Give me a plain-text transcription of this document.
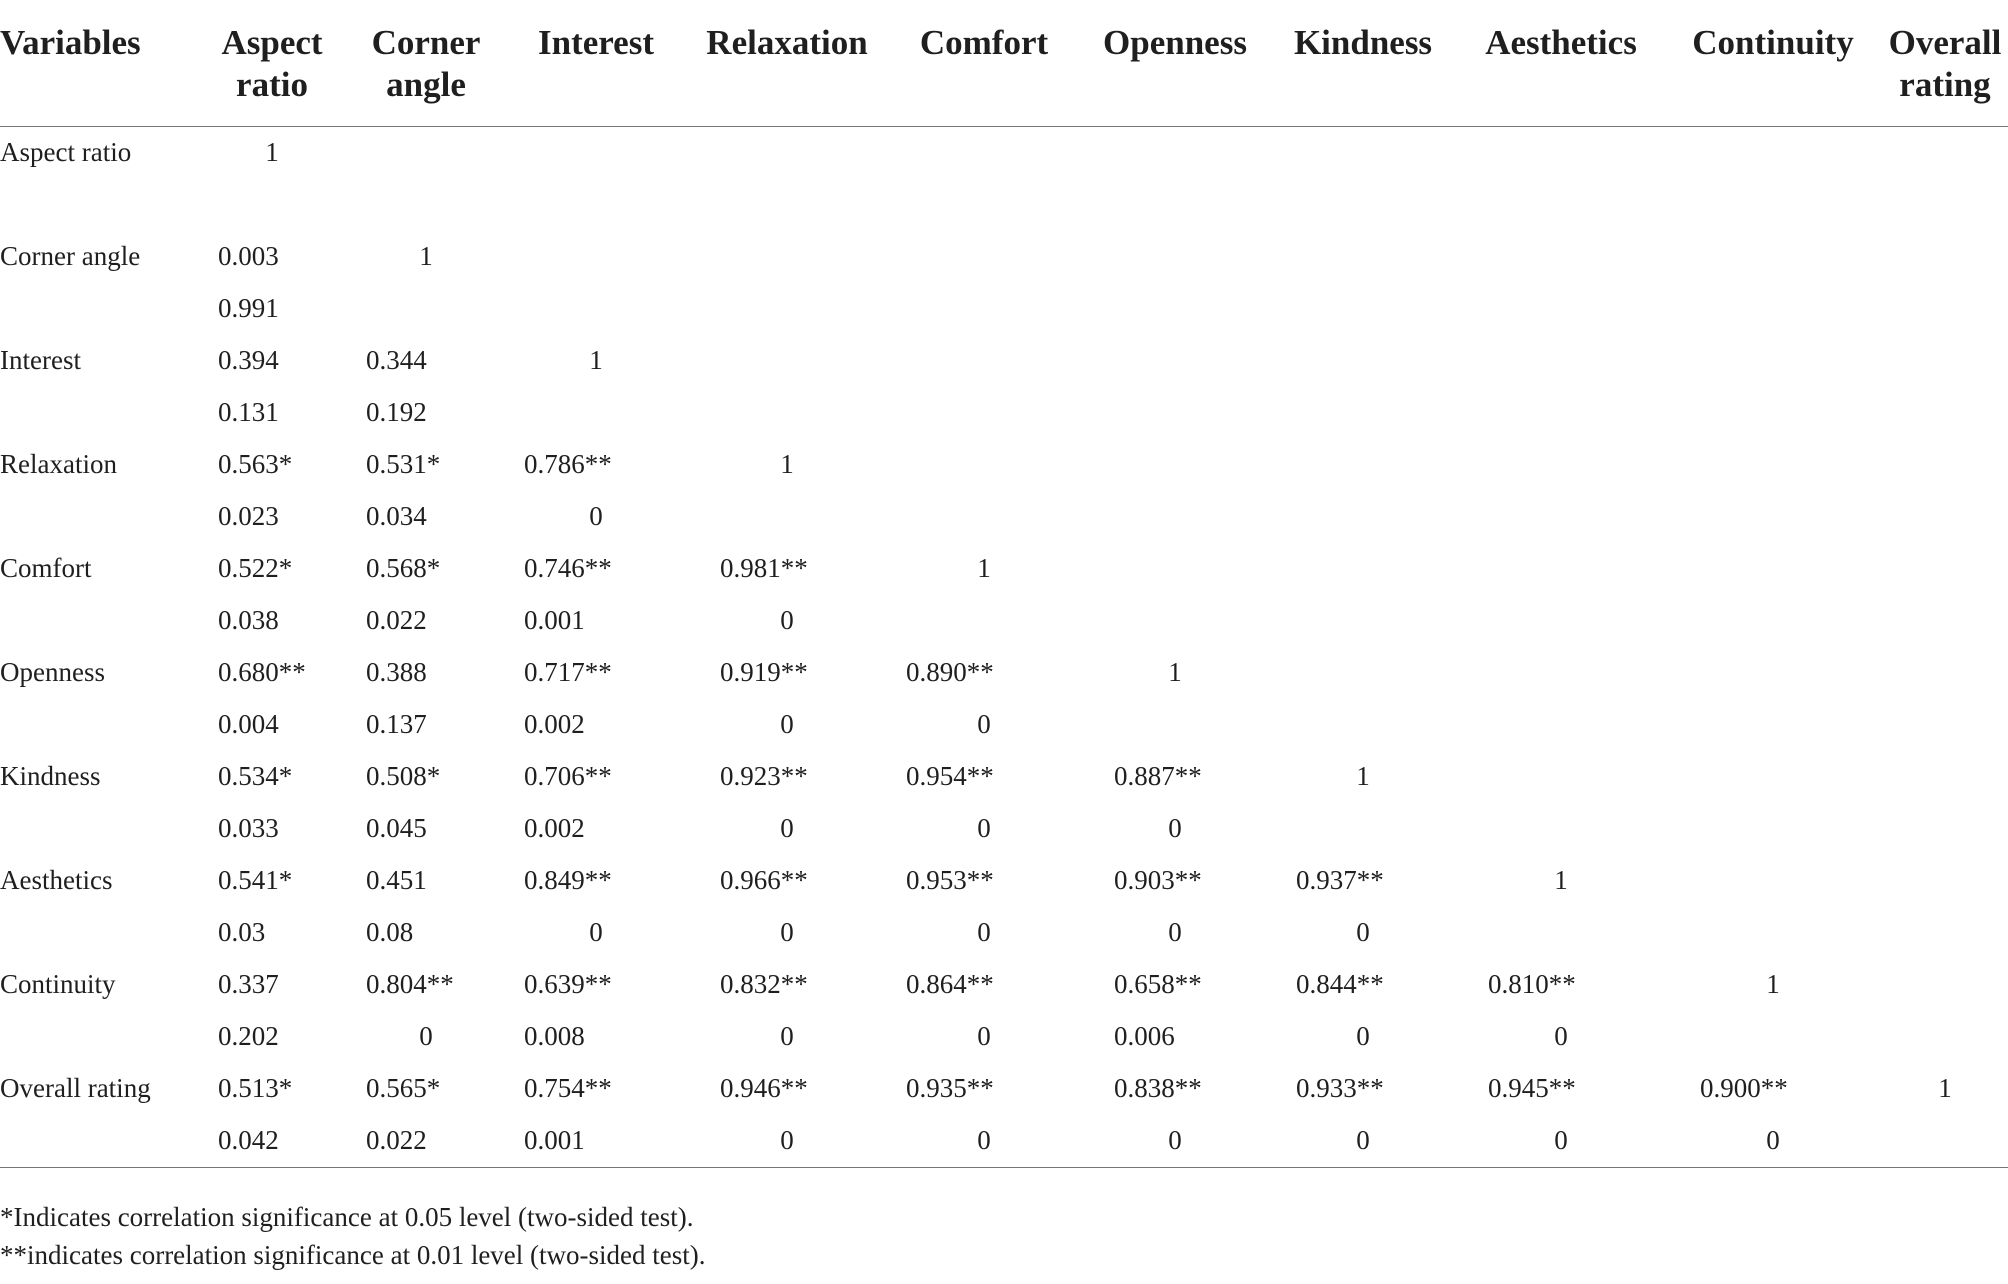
Variables	Aspect ratio	Corner angle	Interest	Relaxation	Comfort	Openness	Kindness	Aesthetics	Continuity	Overall rating
Aspect ratio	1									

Corner angle	0.003	1								
	0.991									
Interest	0.394	0.344	1							
	0.131	0.192								
Relaxation	0.563*	0.531*	0.786**	1						
	0.023	0.034	0							
Comfort	0.522*	0.568*	0.746**	0.981**	1					
	0.038	0.022	0.001	0						
Openness	0.680**	0.388	0.717**	0.919**	0.890**	1				
	0.004	0.137	0.002	0	0					
Kindness	0.534*	0.508*	0.706**	0.923**	0.954**	0.887**	1			
	0.033	0.045	0.002	0	0	0				
Aesthetics	0.541*	0.451	0.849**	0.966**	0.953**	0.903**	0.937**	1		
	0.03	0.08	0	0	0	0	0			
Continuity	0.337	0.804**	0.639**	0.832**	0.864**	0.658**	0.844**	0.810**	1	
	0.202	0	0.008	0	0	0.006	0	0		
Overall rating	0.513*	0.565*	0.754**	0.946**	0.935**	0.838**	0.933**	0.945**	0.900**	1
	0.042	0.022	0.001	0	0	0	0	0	0	
*Indicates correlation significance at 0.05 level (two-sided test).
**indicates correlation significance at 0.01 level (two-sided test).
